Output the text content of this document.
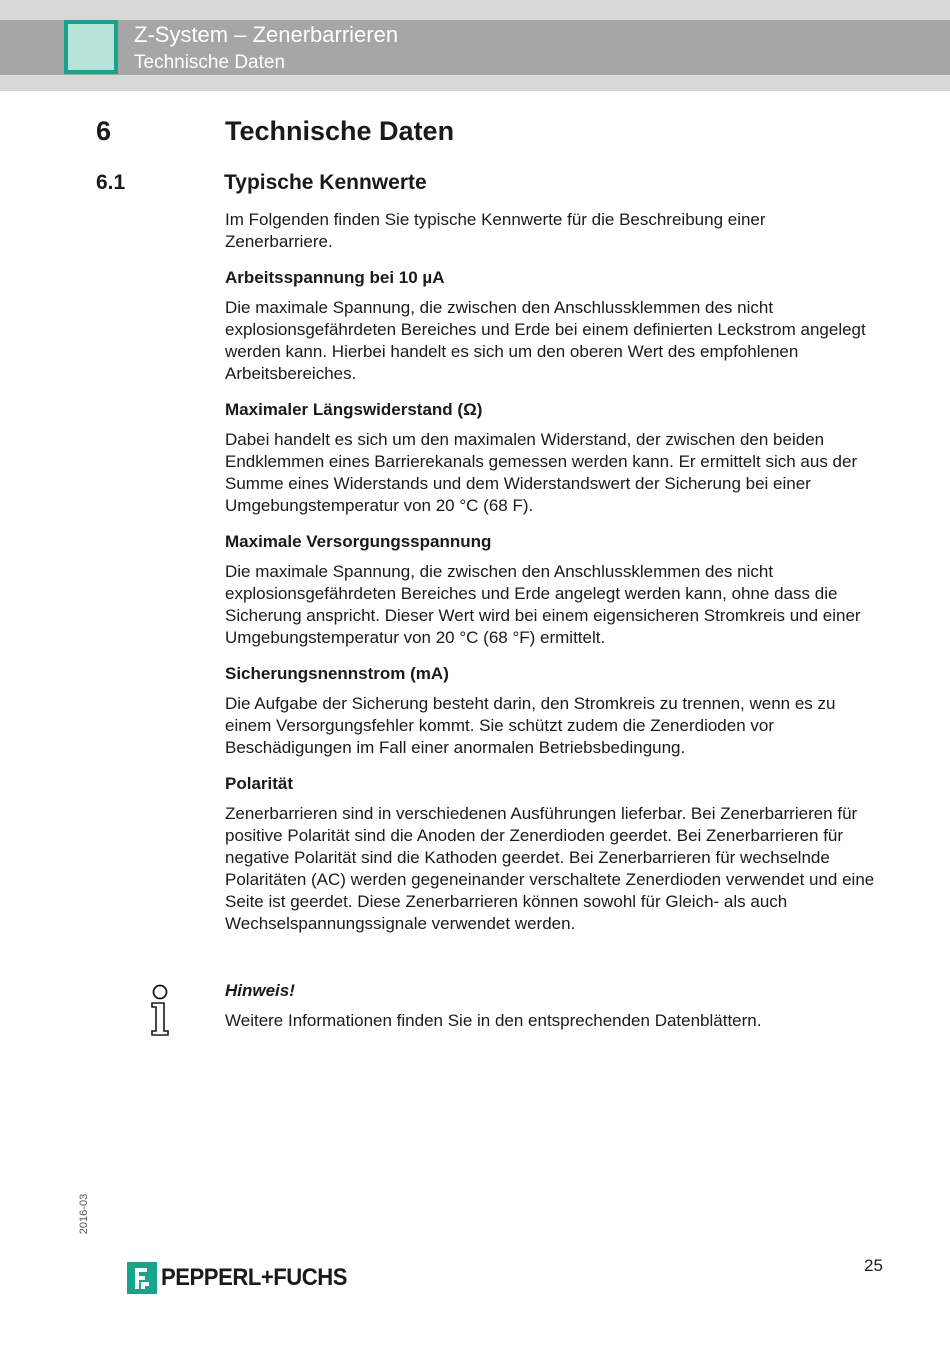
Z-System – Zenerbarrieren
Technische Daten
6	Technische Daten
6.1	Typische Kennwerte

Im Folgenden finden Sie typische Kennwerte für die Beschreibung einer Zenerbarriere.

Arbeitsspannung bei 10 µA

Die maximale Spannung, die zwischen den Anschlussklemmen des nicht explosionsgefährdeten Bereiches und Erde bei einem definierten Leckstrom angelegt werden kann. Hierbei handelt es sich um den oberen Wert des empfohlenen Arbeitsbereiches.

Maximaler Längswiderstand (Ω)

Dabei handelt es sich um den maximalen Widerstand, der zwischen den beiden Endklemmen eines Barrierekanals gemessen werden kann. Er ermittelt sich aus der Summe eines Widerstands und dem Widerstandswert der Sicherung bei einer Umgebungstemperatur von 20 °C (68 F).

Maximale Versorgungsspannung

Die maximale Spannung, die zwischen den Anschlussklemmen des nicht explosionsgefährdeten Bereiches und Erde angelegt werden kann, ohne dass die Sicherung anspricht. Dieser Wert wird bei einem eigensicheren Stromkreis und einer Umgebungstemperatur von 20 °C (68 °F) ermittelt.

Sicherungsnennstrom (mA)

Die Aufgabe der Sicherung besteht darin, den Stromkreis zu trennen, wenn es zu einem Versorgungsfehler kommt. Sie schützt zudem die Zenerdioden vor Beschädigungen im Fall einer anormalen Betriebsbedingung.

Polarität

Zenerbarrieren sind in verschiedenen Ausführungen lieferbar. Bei Zenerbarrieren für positive Polarität sind die Anoden der Zenerdioden geerdet. Bei Zenerbarrieren für negative Polarität sind die Kathoden geerdet. Bei Zenerbarrieren für wechselnde Polaritäten (AC) werden gegeneinander verschaltete Zenerdioden verwendet und eine Seite ist geerdet. Diese Zenerbarrieren können sowohl für Gleich- als auch Wechselspannungssignale verwendet werden.

Hinweis!

Weitere Informationen finden Sie in den entsprechenden Datenblättern.

2016-03
PEPPERL+FUCHS	25
